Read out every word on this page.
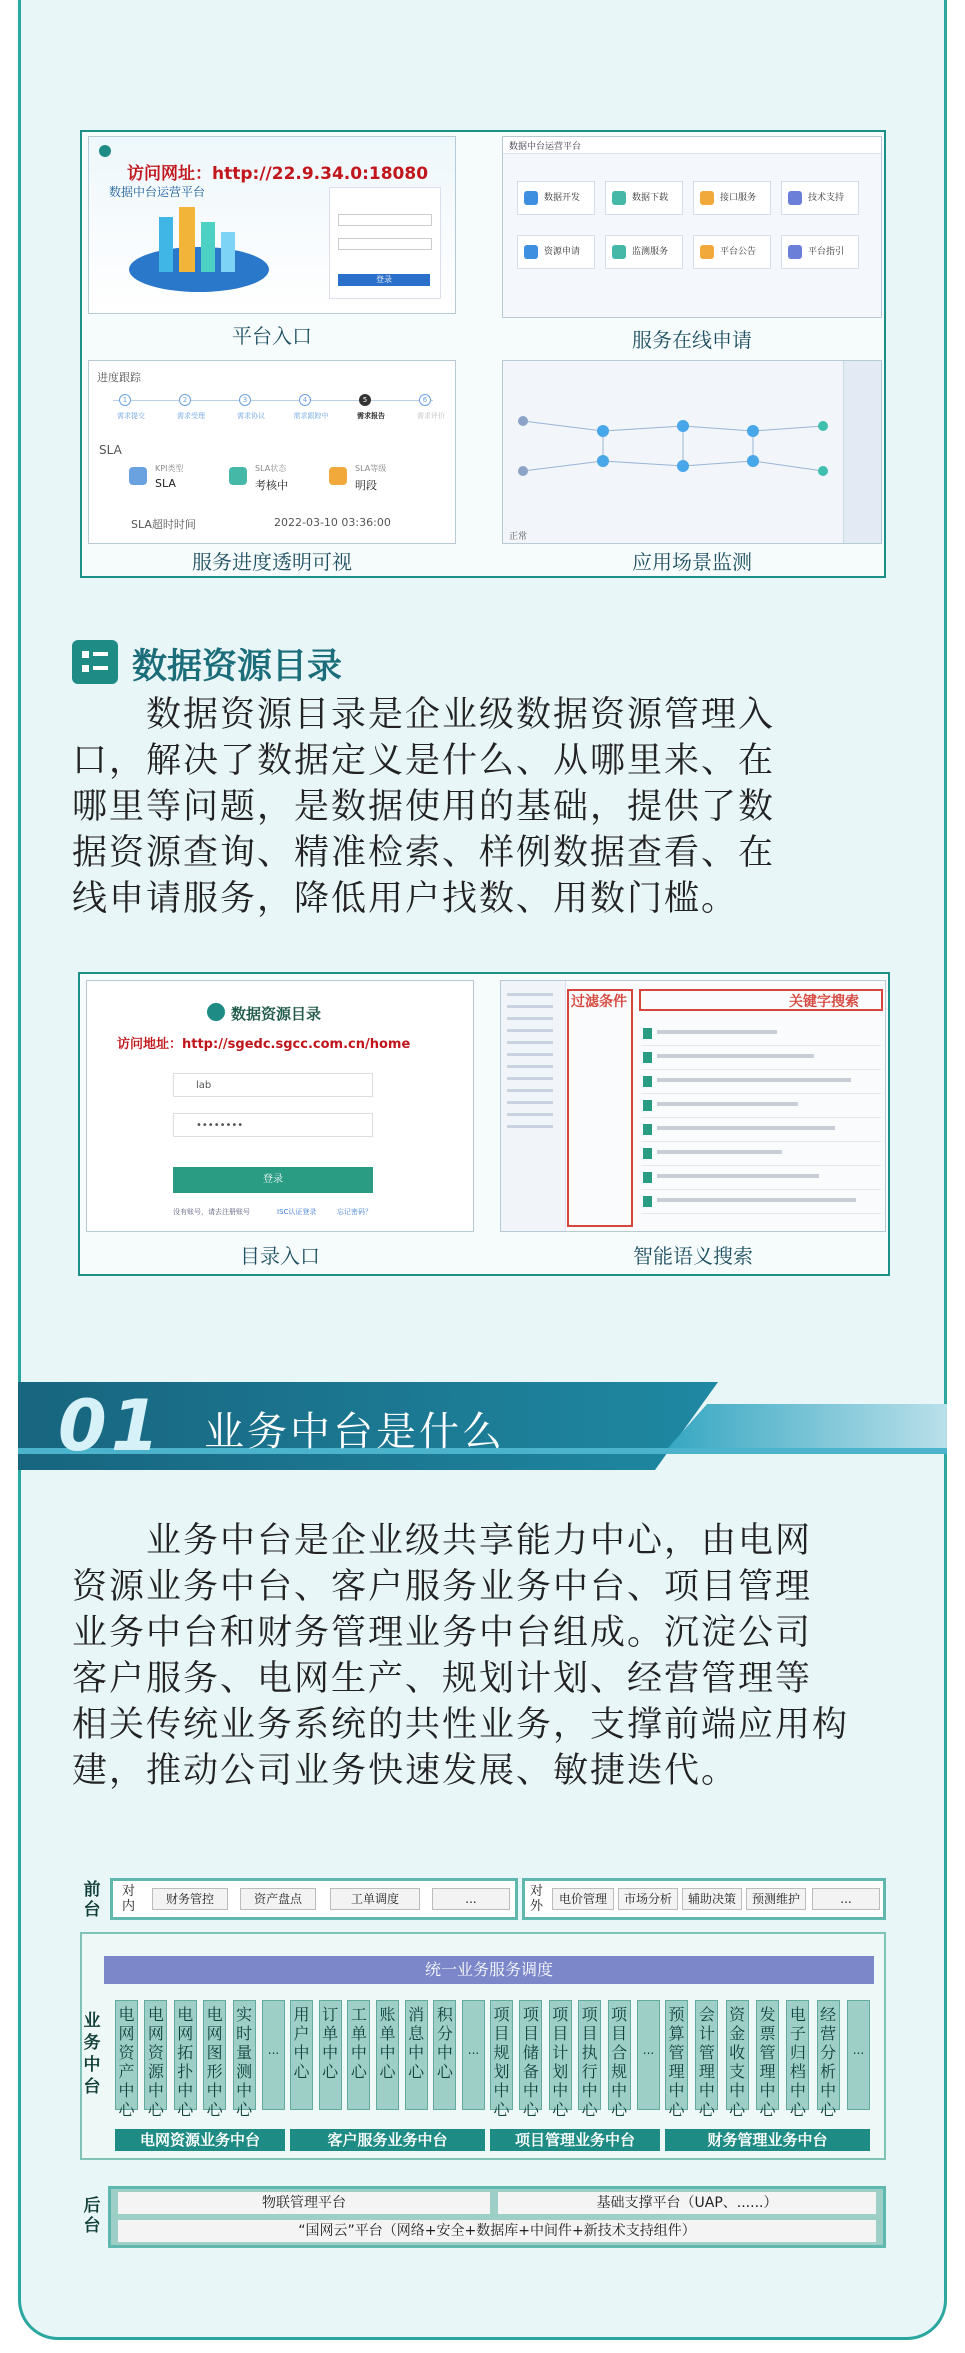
访问网址：http://22.9.34.0:18080
数据中台运营平台
登录
平台入口
数据中台运营平台
数据开发	数据下载	接口服务	技术支持
资源申请	监测服务	平台公告	平台指引
服务在线申请
进度跟踪
1
需求提交
2
需求受理
3
需求协议
4
需求跟踪中
5
需求报告
6
需求评价
SLA
KPI类型
SLA
SLA状态
考核中
SLA等级
明段
SLA超时时间	2022-03-10 03:36:00
服务进度透明可视
正常
应用场景监测
数据资源目录
　　数据资源目录是企业级数据资源管理入
口，解决了数据定义是什么、从哪里来、在
哪里等问题，是数据使用的基础，提供了数
据资源查询、精准检索、样例数据查看、在
线申请服务，降低用户找数、用数门槛。
数据资源目录
访问地址：http://sgedc.sgcc.com.cn/home
lab
••••••••
登录
没有账号，请去注册账号	ISC认证登录	忘记密码？
目录入口
过滤条件	关键字搜索
智能语义搜索
01 业务中台是什么
　　业务中台是企业级共享能力中心，由电网
资源业务中台、客户服务业务中台、项目管理
业务中台和财务管理业务中台组成。沉淀公司
客户服务、电网生产、规划计划、经营管理等
相关传统业务系统的共性业务，支撑前端应用构
建，推动公司业务快速发展、敏捷迭代。
前台
对内	财务管控	资产盘点	工单调度	...	对外	电价管理	市场分析	辅助决策	预测维护	...
业务中台
统一业务服务调度
电网资产中心
电网资源中心
电网拓扑中心
电网图形中心
实时量测中心
...
用户中心
订单中心
工单中心
账单中心
消息中心
积分中心
...
项目规划中心
项目储备中心
项目计划中心
项目执行中心
项目合规中心
...
预算管理中心
会计管理中心
资金收支中心
发票管理中心
电子归档中心
经营分析中心
...
电网资源业务中台	客户服务业务中台	项目管理业务中台	财务管理业务中台
后台
物联管理平台	基础支撑平台（UAP、......）
“国网云”平台（网络+安全+数据库+中间件+新技术支持组件）
